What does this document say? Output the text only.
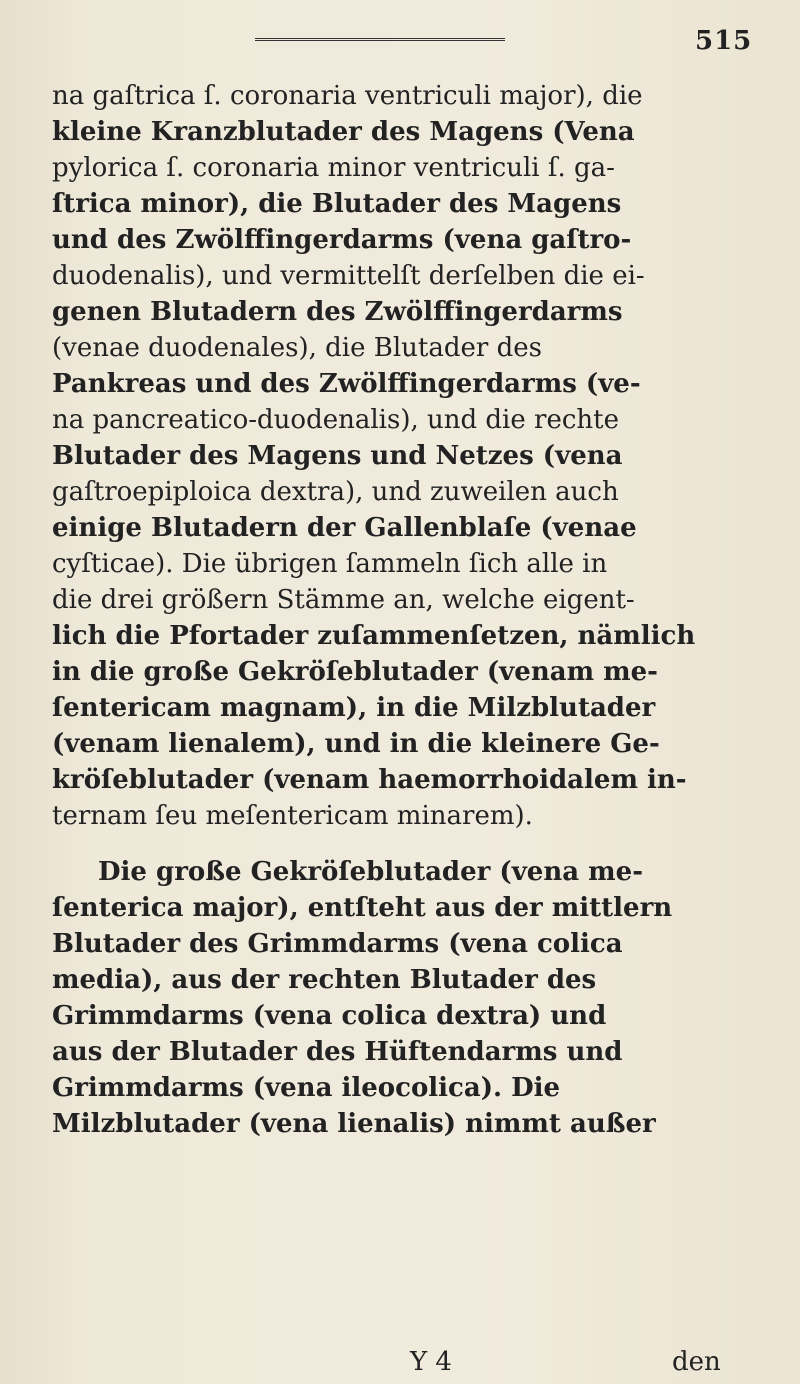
515
na gaſtrica ſ. coronaria ventriculi major), die
kleine Kranzblutader des Magens (Vena
pylorica ſ. coronaria minor ventriculi ſ. ga-
ſtrica minor), die Blutader des Magens
und des Zwölffingerdarms (vena gaſtro-
duodenalis), und vermittelſt derſelben die ei-
genen Blutadern des Zwölffingerdarms
(venae duodenales), die Blutader des
Pankreas und des Zwölffingerdarms (ve-
na pancreatico-duodenalis), und die rechte
Blutader des Magens und Netzes (vena
gaſtroepiploica dextra), und zuweilen auch
einige Blutadern der Gallenblaſe (venae
cyſticae). Die übrigen ſammeln ſich alle in
die drei größern Stämme an, welche eigent-
lich die Pfortader zuſammenſetzen, nämlich
in die große Gekröſeblutader (venam me-
ſentericam magnam), in die Milzblutader
(venam lienalem), und in die kleinere Ge-
kröſeblutader (venam haemorrhoidalem in-
ternam ſeu meſentericam minarem).
Die große Gekröſeblutader (vena me-
ſenterica major), entſteht aus der mittlern
Blutader des Grimmdarms (vena colica
media), aus der rechten Blutader des
Grimmdarms (vena colica dextra) und
aus der Blutader des Hüftendarms und
Grimmdarms (vena ileocolica). Die
Milzblutader (vena lienalis) nimmt außer
Y 4	den
